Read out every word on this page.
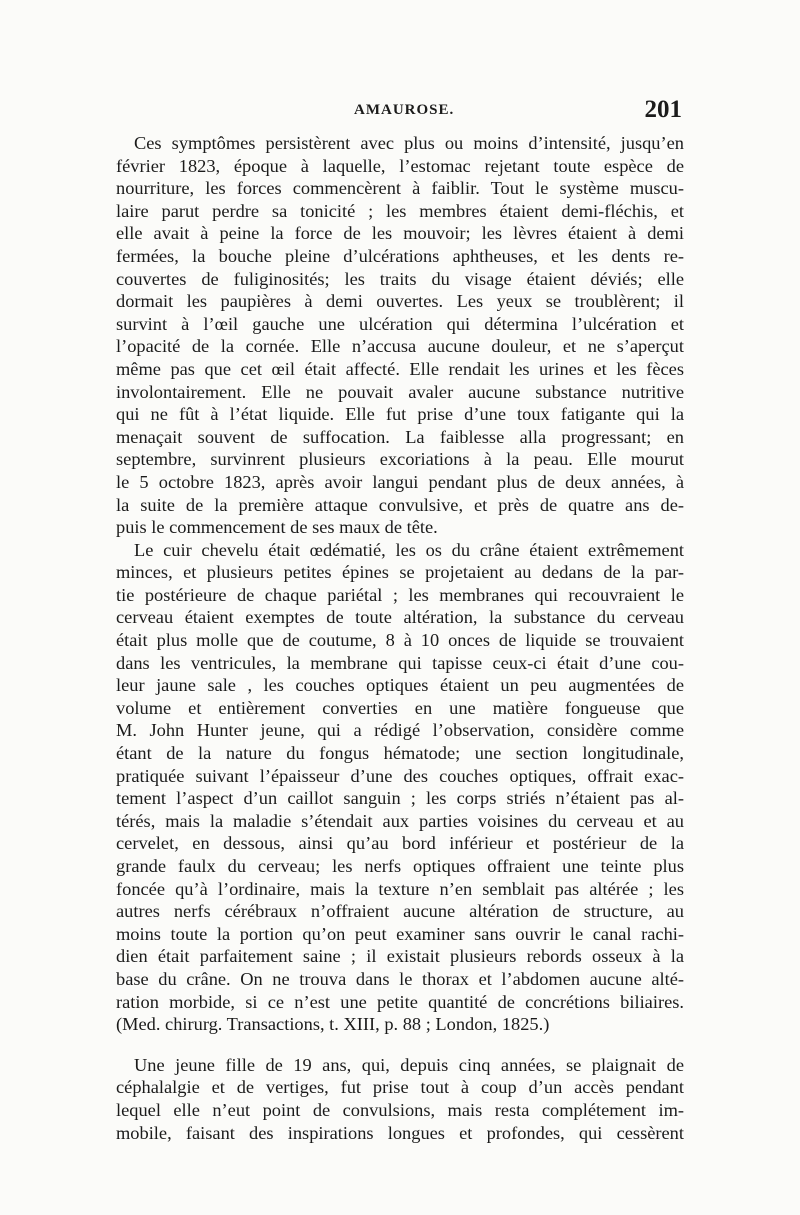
AMAUROSE.	201
Ces symptômes persistèrent avec plus ou moins d’intensité, jusqu’en
février 1823, époque à laquelle, l’estomac rejetant toute espèce de
nourriture, les forces commencèrent à faiblir. Tout le système muscu-
laire parut perdre sa tonicité ; les membres étaient demi-fléchis, et
elle avait à peine la force de les mouvoir; les lèvres étaient à demi
fermées, la bouche pleine d’ulcérations aphtheuses, et les dents re-
couvertes de fuliginosités; les traits du visage étaient déviés; elle
dormait les paupières à demi ouvertes. Les yeux se troublèrent; il
survint à l’œil gauche une ulcération qui détermina l’ulcération et
l’opacité de la cornée. Elle n’accusa aucune douleur, et ne s’aperçut
même pas que cet œil était affecté. Elle rendait les urines et les fèces
involontairement. Elle ne pouvait avaler aucune substance nutritive
qui ne fût à l’état liquide. Elle fut prise d’une toux fatigante qui la
menaçait souvent de suffocation. La faiblesse alla progressant; en
septembre, survinrent plusieurs excoriations à la peau. Elle mourut
le 5 octobre 1823, après avoir langui pendant plus de deux années, à
la suite de la première attaque convulsive, et près de quatre ans de-
puis le commencement de ses maux de tête.
Le cuir chevelu était œdématié, les os du crâne étaient extrêmement
minces, et plusieurs petites épines se projetaient au dedans de la par-
tie postérieure de chaque pariétal ; les membranes qui recouvraient le
cerveau étaient exemptes de toute altération, la substance du cerveau
était plus molle que de coutume, 8 à 10 onces de liquide se trouvaient
dans les ventricules, la membrane qui tapisse ceux-ci était d’une cou-
leur jaune sale , les couches optiques étaient un peu augmentées de
volume et entièrement converties en une matière fongueuse que
M. John Hunter jeune, qui a rédigé l’observation, considère comme
étant de la nature du fongus hématode; une section longitudinale,
pratiquée suivant l’épaisseur d’une des couches optiques, offrait exac-
tement l’aspect d’un caillot sanguin ; les corps striés n’étaient pas al-
térés, mais la maladie s’étendait aux parties voisines du cerveau et au
cervelet, en dessous, ainsi qu’au bord inférieur et postérieur de la
grande faulx du cerveau; les nerfs optiques offraient une teinte plus
foncée qu’à l’ordinaire, mais la texture n’en semblait pas altérée ; les
autres nerfs cérébraux n’offraient aucune altération de structure, au
moins toute la portion qu’on peut examiner sans ouvrir le canal rachi-
dien était parfaitement saine ; il existait plusieurs rebords osseux à la
base du crâne. On ne trouva dans le thorax et l’abdomen aucune alté-
ration morbide, si ce n’est une petite quantité de concrétions biliaires.
(Med. chirurg. Transactions, t. XIII, p. 88 ; London, 1825.)
Une jeune fille de 19 ans, qui, depuis cinq années, se plaignait de
céphalalgie et de vertiges, fut prise tout à coup d’un accès pendant
lequel elle n’eut point de convulsions, mais resta complétement im-
mobile, faisant des inspirations longues et profondes, qui cessèrent
